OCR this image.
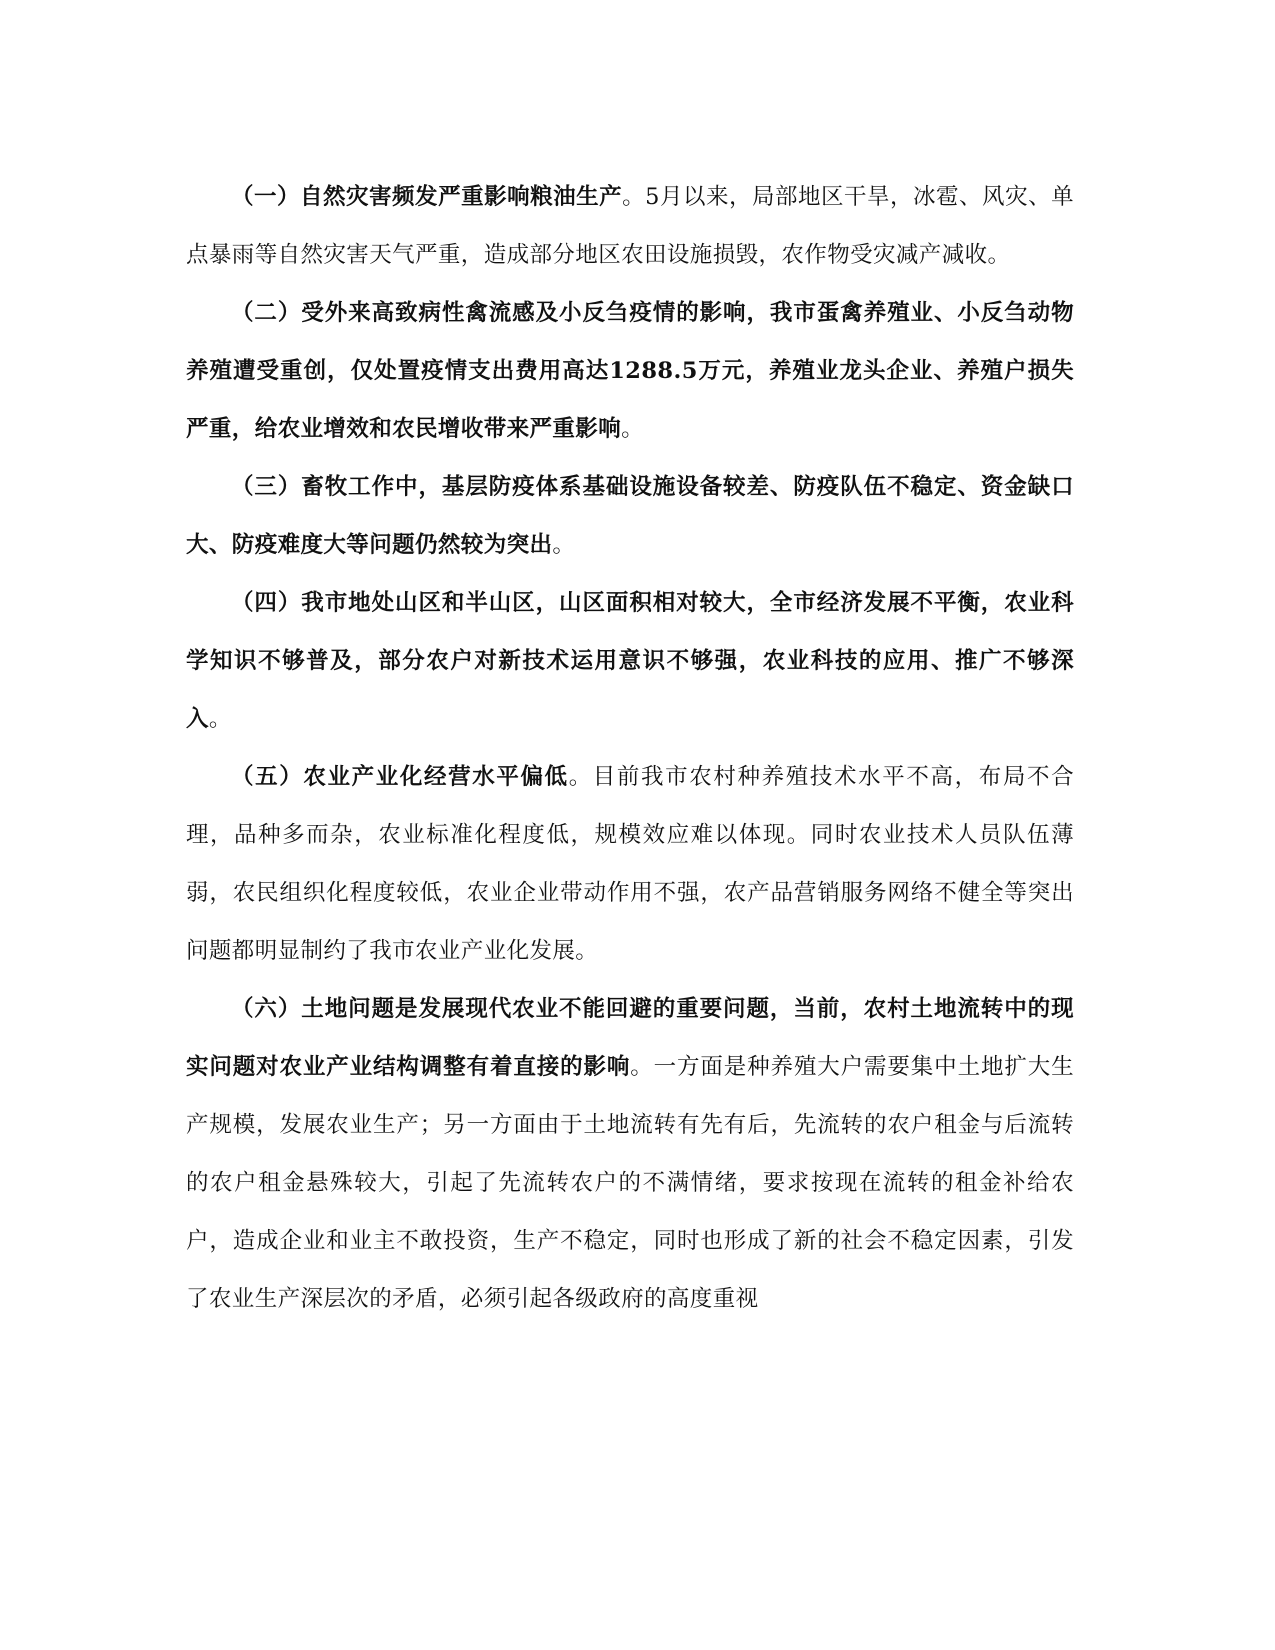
（一）自然灾害频发严重影响粮油生产。5月以来，局部地区干旱，冰雹、风灾、单点暴雨等自然灾害天气严重，造成部分地区农田设施损毁，农作物受灾减产减收。

（二）受外来高致病性禽流感及小反刍疫情的影响，我市蛋禽养殖业、小反刍动物养殖遭受重创，仅处置疫情支出费用高达1288.5万元，养殖业龙头企业、养殖户损失严重，给农业增效和农民增收带来严重影响。

（三）畜牧工作中，基层防疫体系基础设施设备较差、防疫队伍不稳定、资金缺口大、防疫难度大等问题仍然较为突出。

（四）我市地处山区和半山区，山区面积相对较大，全市经济发展不平衡，农业科学知识不够普及，部分农户对新技术运用意识不够强，农业科技的应用、推广不够深入。

（五）农业产业化经营水平偏低。目前我市农村种养殖技术水平不高，布局不合理，品种多而杂，农业标准化程度低，规模效应难以体现。同时农业技术人员队伍薄弱，农民组织化程度较低，农业企业带动作用不强，农产品营销服务网络不健全等突出问题都明显制约了我市农业产业化发展。

（六）土地问题是发展现代农业不能回避的重要问题，当前，农村土地流转中的现实问题对农业产业结构调整有着直接的影响。一方面是种养殖大户需要集中土地扩大生产规模，发展农业生产；另一方面由于土地流转有先有后，先流转的农户租金与后流转的农户租金悬殊较大，引起了先流转农户的不满情绪，要求按现在流转的租金补给农户，造成企业和业主不敢投资，生产不稳定，同时也形成了新的社会不稳定因素，引发了农业生产深层次的矛盾，必须引起各级政府的高度重视
